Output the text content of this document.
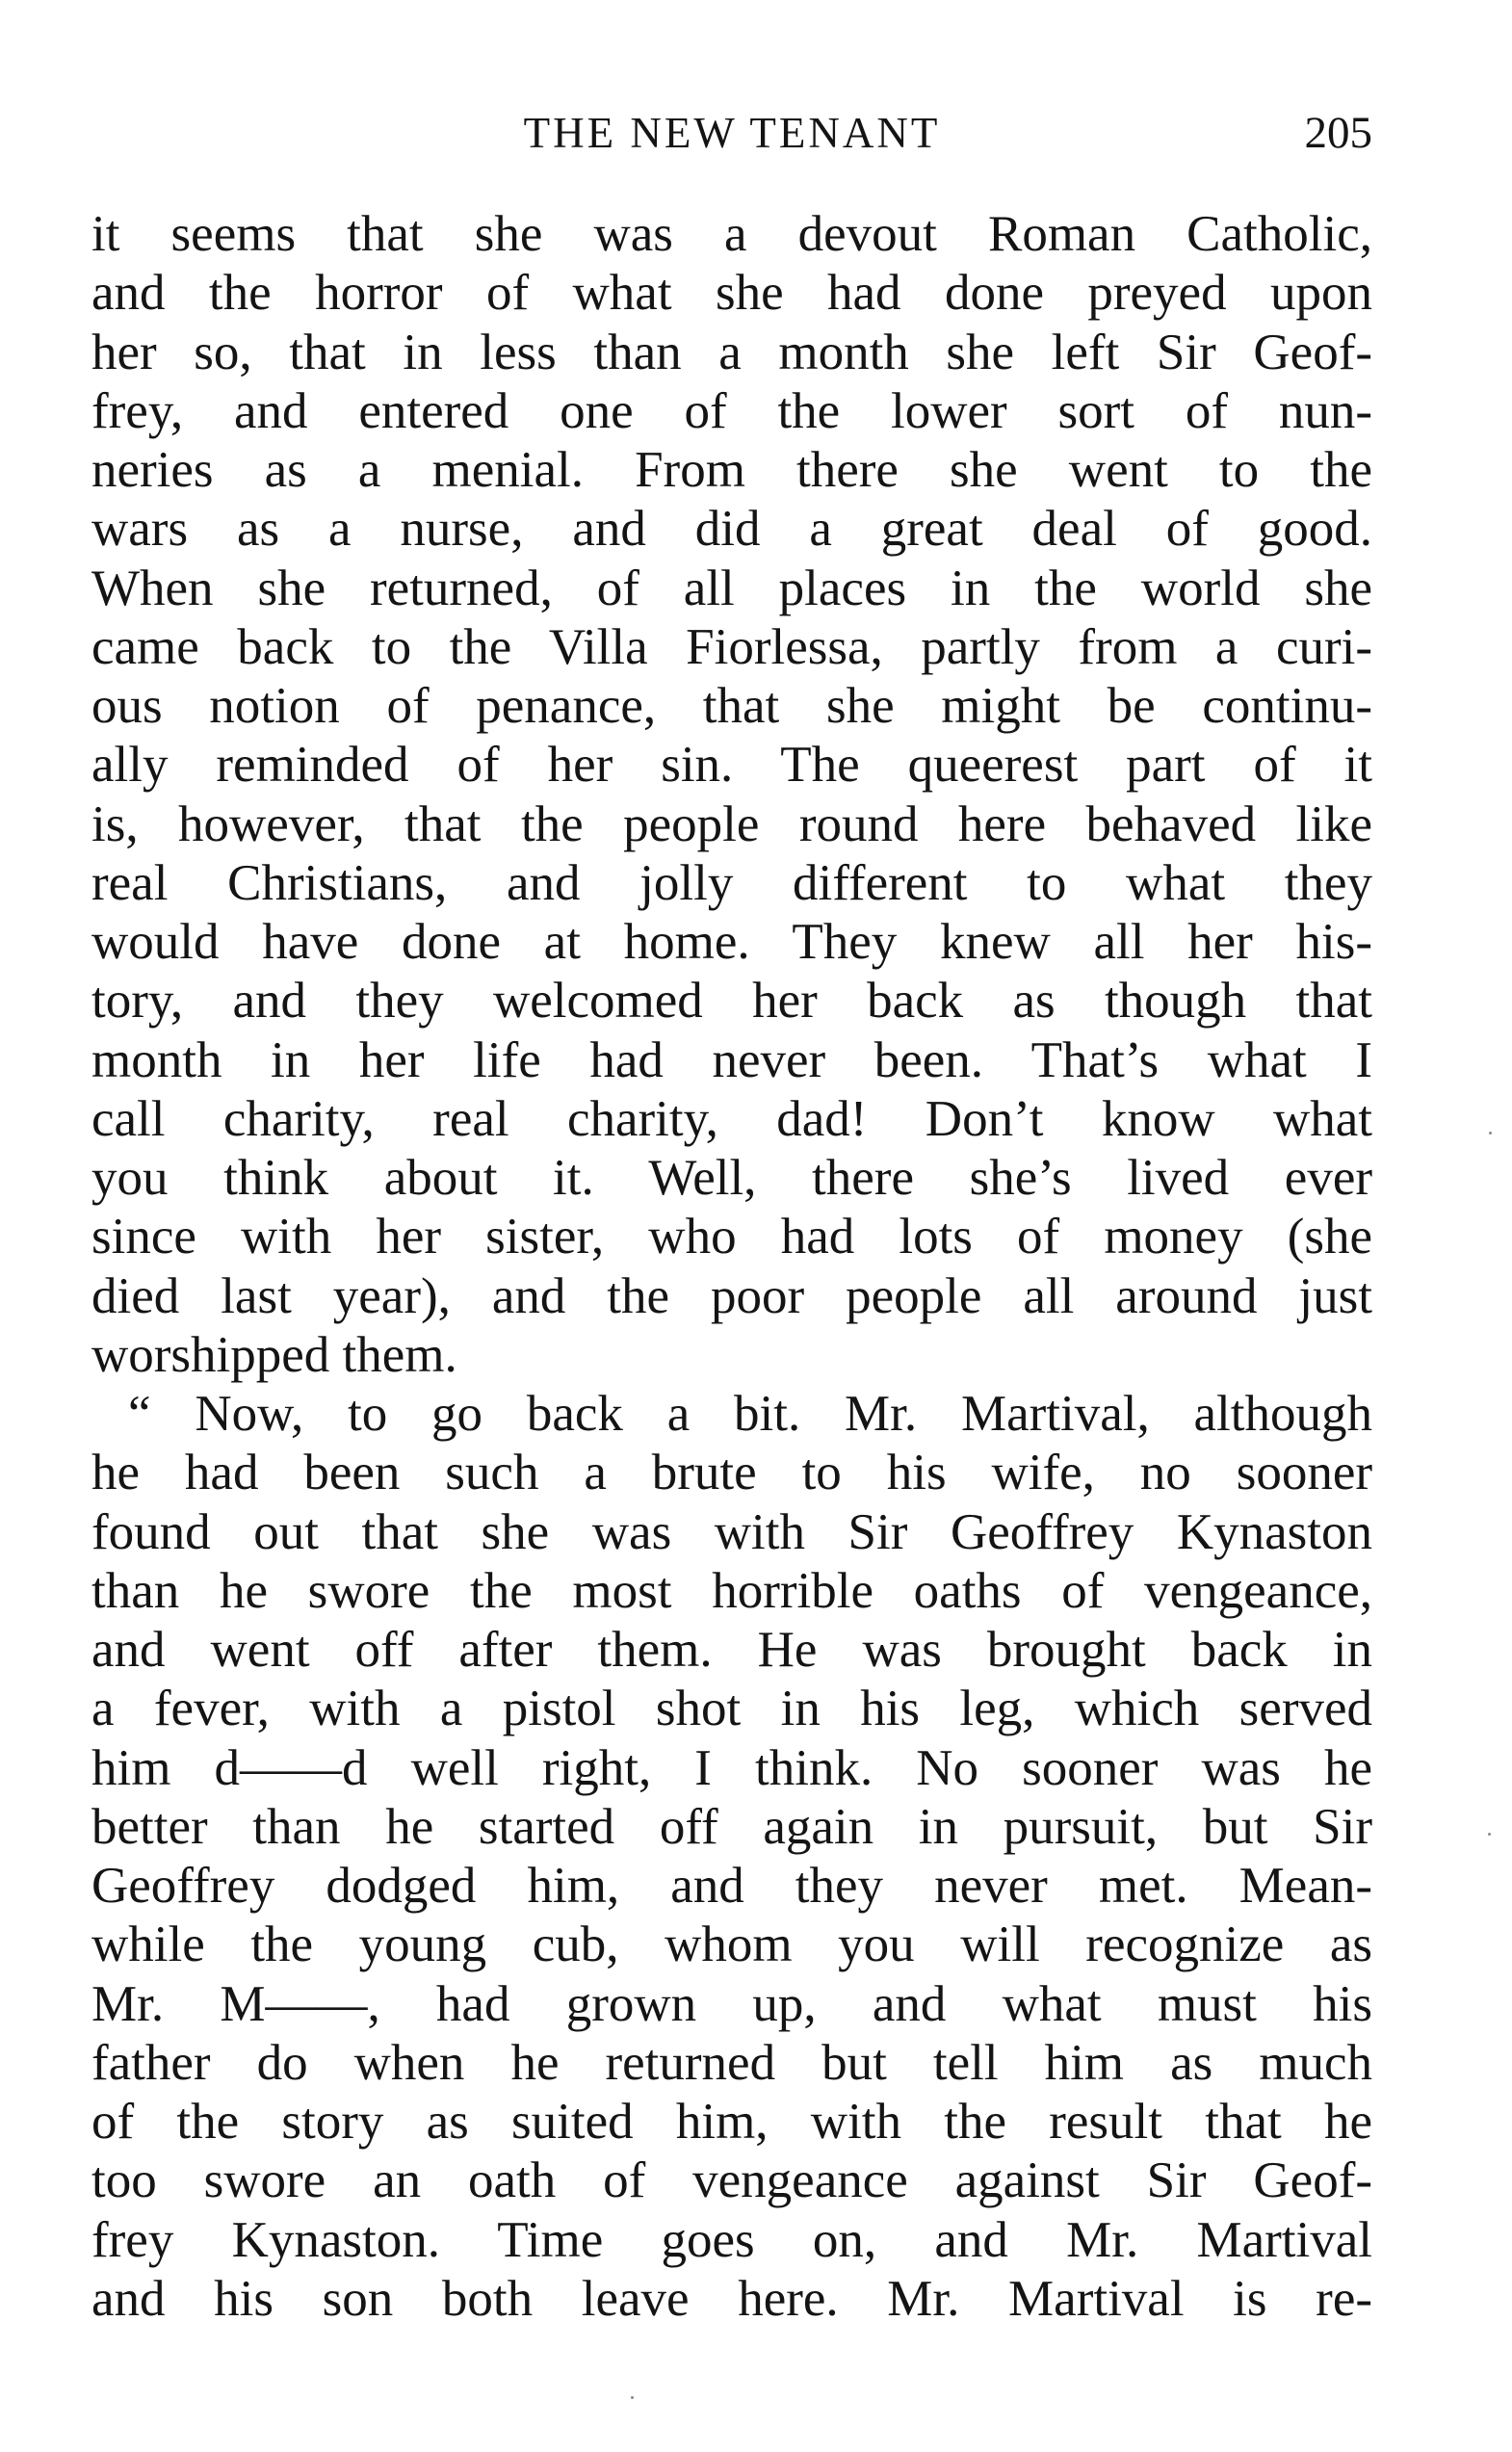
THE NEW TENANT	205
it seems that she was a devout Roman Catholic,
and the horror of what she had done preyed upon
her so, that in less than a month she left Sir Geof-
frey, and entered one of the lower sort of nun-
neries as a menial. From there she went to the
wars as a nurse, and did a great deal of good.
When she returned, of all places in the world she
came back to the Villa Fiorlessa, partly from a curi-
ous notion of penance, that she might be continu-
ally reminded of her sin. The queerest part of it
is, however, that the people round here behaved like
real Christians, and jolly different to what they
would have done at home. They knew all her his-
tory, and they welcomed her back as though that
month in her life had never been. That’s what I
call charity, real charity, dad! Don’t know what
you think about it. Well, there she’s lived ever
since with her sister, who had lots of money (she
died last year), and the poor people all around just
worshipped them.
“ Now, to go back a bit. Mr. Martival, although
he had been such a brute to his wife, no sooner
found out that she was with Sir Geoffrey Kynaston
than he swore the most horrible oaths of vengeance,
and went off after them. He was brought back in
a fever, with a pistol shot in his leg, which served
him d——d well right, I think. No sooner was he
better than he started off again in pursuit, but Sir
Geoffrey dodged him, and they never met. Mean-
while the young cub, whom you will recognize as
Mr. M——, had grown up, and what must his
father do when he returned but tell him as much
of the story as suited him, with the result that he
too swore an oath of vengeance against Sir Geof-
frey Kynaston. Time goes on, and Mr. Martival
and his son both leave here. Mr. Martival is re-
